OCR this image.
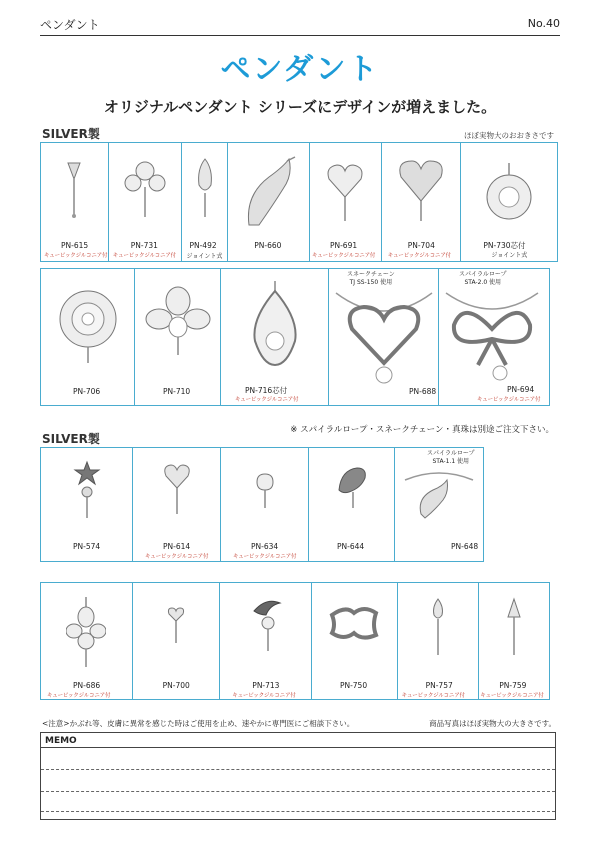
ペンダント	No.40
ペンダント
オリジナルペンダント シリーズにデザインが増えました。
SILVER製	ほぼ実物大のおおきさです
PN-615
キュービックジルコニア付
PN-731
キュービックジルコニア付
PN-492
ジョイント式
PN-660	PN-691
キュービックジルコニア付
PN-704
キュービックジルコニア付
PN-730芯付
ジョイント式
PN-706	PN-710	PN-716芯付
キュービックジルコニア付
スネークチェーン
TJ SS-150 使用
PN-688
スパイラルロープ
STA-2.0 使用
PN-694
キュービックジルコニア付
※ スパイラルロープ・スネークチェーン・真珠は別途ご注文下さい。
SILVER製
PN-574	PN-614
キュービックジルコニア付
PN-634
キュービックジルコニア付
PN-644
スパイラルロープ
STA-1.1 使用
PN-648
PN-686
キュービックジルコニア付
PN-700	PN-713
キュービックジルコニア付
PN-750	PN-757
キュービックジルコニア付
PN-759
キュービックジルコニア付
<注意>かぶれ等、皮膚に異常を感じた時はご使用を止め、速やかに専門医にご相談下さい。	商品写真はほぼ実物大の大きさです。
MEMO
